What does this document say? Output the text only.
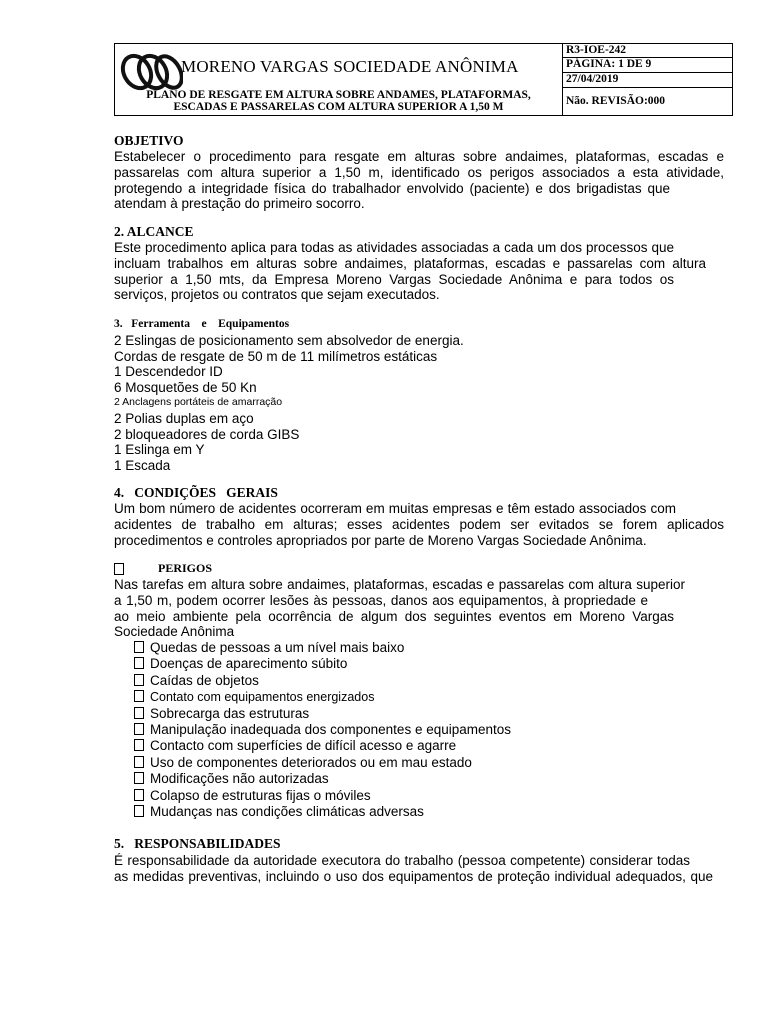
MORENO VARGAS SOCIEDADE ANÔNIMA
PLANO DE RESGATE EM ALTURA SOBRE ANDAMES, PLATAFORMAS,
ESCADAS E PASSARELAS COM ALTURA SUPERIOR A 1,50 M
R3-IOE-242
PÁGINA: 1 DE 9
27/04/2019
Não. REVISÃO:000
OBJETIVO
Estabelecer o procedimento para resgate em alturas sobre andaimes, plataformas, escadas e
passarelas com altura superior a 1,50 m, identificado os perigos associados a esta atividade,
protegendo a integridade física do trabalhador envolvido (paciente) e dos brigadistas que
atendam à prestação do primeiro socorro.
2. ALCANCE
Este procedimento aplica para todas as atividades associadas a cada um dos processos que
incluam trabalhos em alturas sobre andaimes, plataformas, escadas e passarelas com altura
superior a 1,50 mts, da Empresa Moreno Vargas Sociedade Anônima e para todos os
serviços, projetos ou contratos que sejam executados.
3.   Ferramenta    e    Equipamentos
2 Eslingas de posicionamento sem absolvedor de energia.
Cordas de resgate de 50 m de 11 milímetros estáticas
1 Descendedor ID
6 Mosquetões de 50 Kn
2 Anclagens portáteis de amarração
2 Polias duplas em aço
2 bloqueadores de corda GIBS
1 Eslinga em Y
1 Escada
4.   CONDIÇÕES   GERAIS
Um bom número de acidentes ocorreram em muitas empresas e têm estado associados com
acidentes de trabalho em alturas; esses acidentes podem ser evitados se forem aplicados
procedimentos e controles apropriados por parte de Moreno Vargas Sociedade Anônima.
PERIGOS
Nas tarefas em altura sobre andaimes, plataformas, escadas e passarelas com altura superior
a 1,50 m, podem ocorrer lesões às pessoas, danos aos equipamentos, à propriedade e
ao meio ambiente pela ocorrência de algum dos seguintes eventos em Moreno Vargas
Sociedade Anônima
Quedas de pessoas a um nível mais baixo
Doenças de aparecimento súbito
Caídas de objetos
Contato com equipamentos energizados
Sobrecarga das estruturas
Manipulação inadequada dos componentes e equipamentos
Contacto com superfícies de difícil acesso e agarre
Uso de componentes deteriorados ou em mau estado
Modificações não autorizadas
Colapso de estruturas fijas o móviles
Mudanças nas condições climáticas adversas
5.   RESPONSABILIDADES
É responsabilidade da autoridade executora do trabalho (pessoa competente) considerar todas
as medidas preventivas, incluindo o uso dos equipamentos de proteção individual adequados, que
